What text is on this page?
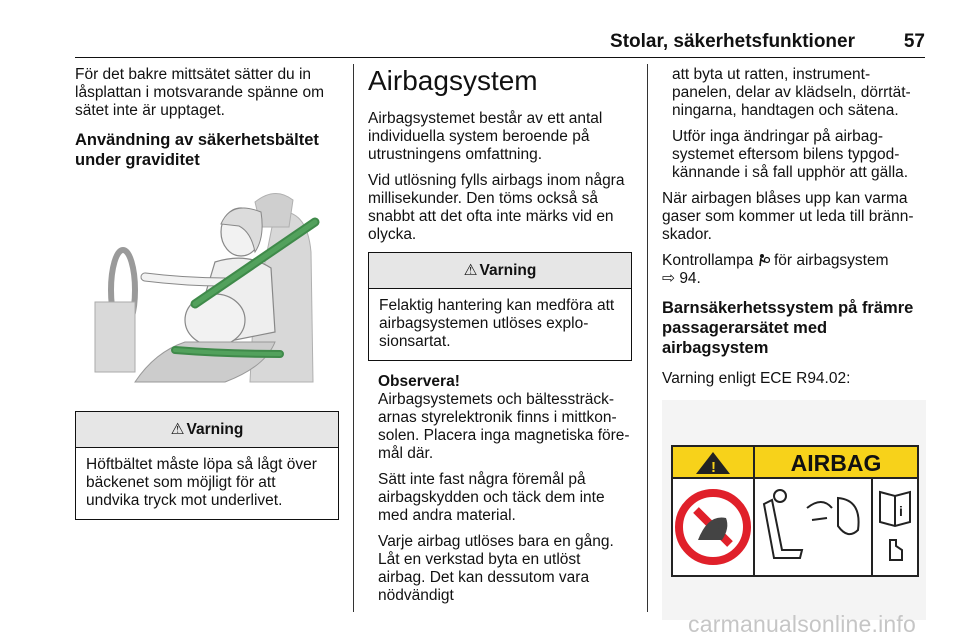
Stolar, säkerhetsfunktioner	57

För det bakre mittsätet sätter du in låsplattan i motsvarande spänne om sätet inte är upptaget.

Användning av säkerhetsbältet under graviditet
⚠ Varning
Höftbältet måste löpa så lågt över bäckenet som möjligt för att undvika tryck mot underlivet.
Airbagsystem

Airbagsystemet består av ett antal individuella system beroende på utrustningens omfattning.

Vid utlösning fylls airbags inom några millisekunder. Den töms också så snabbt att det ofta inte märks vid en olycka.

⚠ Varning
Felaktig hantering kan medföra att airbagsystemen utlöses explo-sionsartat.
Observera!

Airbagsystemets och bältessträck-arnas styrelektronik finns i mittkon-solen. Placera inga magnetiska före-mål där.

Sätt inte fast några föremål på airbagskydden och täck dem inte med andra material.

Varje airbag utlöses bara en gång. Låt en verkstad byta en utlöst airbag. Det kan dessutom vara nödvändigt

att byta ut ratten, instrument-panelen, delar av klädseln, dörrtät-ningarna, handtagen och sätena.

Utför inga ändringar på airbag-systemet eftersom bilens typgod-kännande i så fall upphör att gälla.

När airbagen blåses upp kan varma gaser som kommer ut leda till bränn-skador.

Kontrollampa för airbagsystem
⇨ 94.

Barnsäkerhetssystem på främre passagerarsätet med airbagsystem

Varning enligt ECE R94.02:

!	AIRBAG
i
carmanualsonline.info
